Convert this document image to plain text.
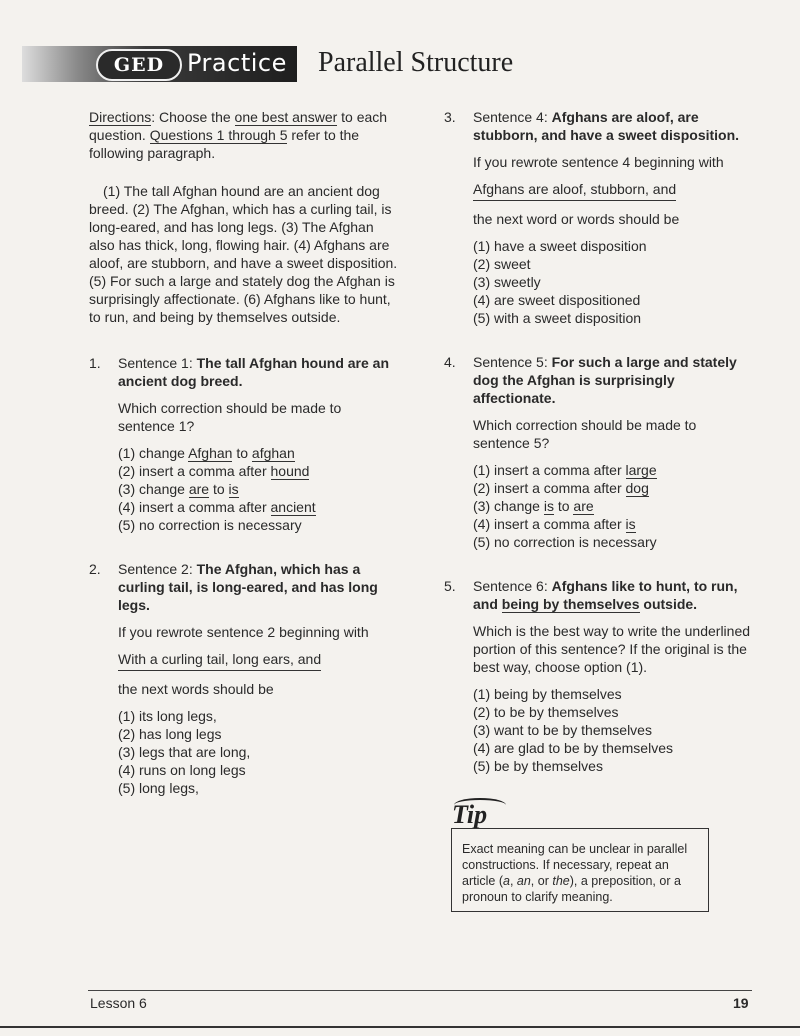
GED Practice Parallel Structure

Directions: Choose the one best answer to each question. Questions 1 through 5 refer to the following paragraph.

(1) The tall Afghan hound are an ancient dog breed. (2) The Afghan, which has a curling tail, is long-eared, and has long legs. (3) The Afghan also has thick, long, flowing hair. (4) Afghans are aloof, are stubborn, and have a sweet disposition. (5) For such a large and stately dog the Afghan is surprisingly affectionate. (6) Afghans like to hunt, to run, and being by themselves outside.

1. Sentence 1: The tall Afghan hound are an ancient dog breed.

Which correction should be made to sentence 1?

(1) change Afghan to afghan
(2) insert a comma after hound
(3) change are to is
(4) insert a comma after ancient
(5) no correction is necessary
2. Sentence 2: The Afghan, which has a curling tail, is long-eared, and has long legs.

If you rewrote sentence 2 beginning with

With a curling tail, long ears, and

the next words should be

(1) its long legs,
(2) has long legs
(3) legs that are long,
(4) runs on long legs
(5) long legs,
3. Sentence 4: Afghans are aloof, are stubborn, and have a sweet disposition.

If you rewrote sentence 4 beginning with

Afghans are aloof, stubborn, and

the next word or words should be

(1) have a sweet disposition
(2) sweet
(3) sweetly
(4) are sweet dispositioned
(5) with a sweet disposition
4. Sentence 5: For such a large and stately dog the Afghan is surprisingly affectionate.

Which correction should be made to sentence 5?

(1) insert a comma after large
(2) insert a comma after dog
(3) change is to are
(4) insert a comma after is
(5) no correction is necessary
5. Sentence 6: Afghans like to hunt, to run, and being by themselves outside.

Which is the best way to write the underlined portion of this sentence? If the original is the best way, choose option (1).

(1) being by themselves
(2) to be by themselves
(3) want to be by themselves
(4) are glad to be by themselves
(5) be by themselves
Tip
Exact meaning can be unclear in parallel constructions. If necessary, repeat an article (a, an, or the), a preposition, or a pronoun to clarify meaning.
Lesson 6	19
